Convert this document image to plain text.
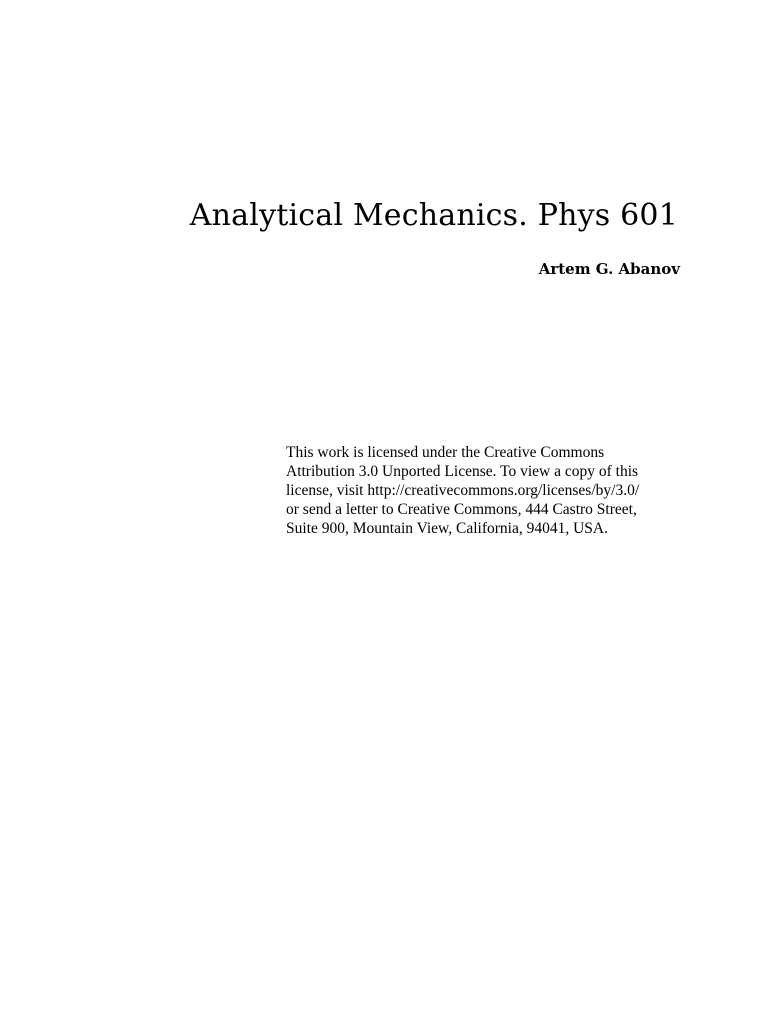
Analytical Mechanics. Phys 601
Artem G. Abanov

This work is licensed under the Creative Commons
Attribution 3.0 Unported License. To view a copy of this
license, visit http://creativecommons.org/licenses/by/3.0/
or send a letter to Creative Commons, 444 Castro Street,
Suite 900, Mountain View, California, 94041, USA.
